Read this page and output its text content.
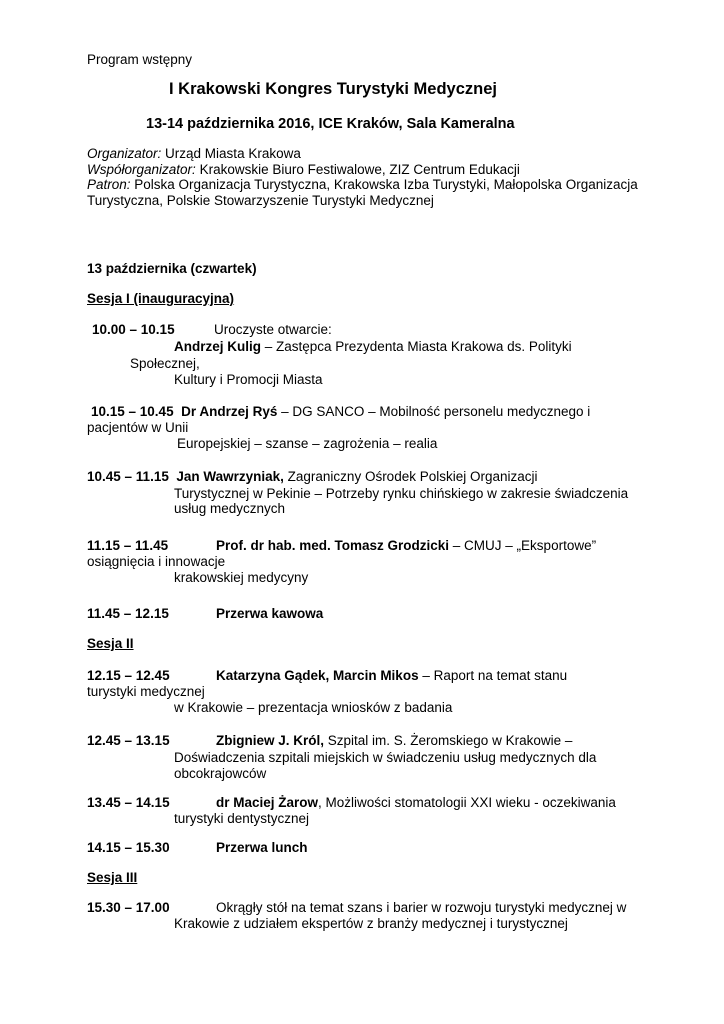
Program wstępny
I Krakowski Kongres Turystyki Medycznej
13-14 października 2016, ICE Kraków, Sala Kameralna
Organizator: Urząd Miasta Krakowa
Współorganizator: Krakowskie Biuro Festiwalowe, ZIZ Centrum Edukacji
Patron: Polska Organizacja Turystyczna, Krakowska Izba Turystyki, Małopolska Organizacja
Turystyczna, Polskie Stowarzyszenie Turystyki Medycznej
13 października (czwartek)
Sesja I (inauguracyjna)
10.00 – 10.15	Uroczyste otwarcie:
Andrzej Kulig – Zastępca Prezydenta Miasta Krakowa ds. Polityki
Społecznej,
Kultury i Promocji Miasta
10.15 – 10.45 Dr Andrzej Ryś – DG SANCO – Mobilność personelu medycznego i
pacjentów w Unii
Europejskiej – szanse – zagrożenia – realia
10.45 – 11.15 Jan Wawrzyniak, Zagraniczny Ośrodek Polskiej Organizacji
Turystycznej w Pekinie – Potrzeby rynku chińskiego w zakresie świadczenia
usług medycznych
11.15 – 11.45	Prof. dr hab. med. Tomasz Grodzicki – CMUJ – „Eksportowe”
osiągnięcia i innowacje
krakowskiej medycyny
11.45 – 12.15	Przerwa kawowa
Sesja II
12.15 – 12.45	Katarzyna Gądek, Marcin Mikos – Raport na temat stanu
turystyki medycznej
w Krakowie – prezentacja wniosków z badania
12.45 – 13.15	Zbigniew J. Król, Szpital im. S. Żeromskiego w Krakowie –
Doświadczenia szpitali miejskich w świadczeniu usług medycznych dla
obcokrajowców
13.45 – 14.15	dr Maciej Żarow, Możliwości stomatologii XXI wieku - oczekiwania
turystyki dentystycznej
14.15 – 15.30	Przerwa lunch
Sesja III
15.30 – 17.00	Okrągły stół na temat szans i barier w rozwoju turystyki medycznej w
Krakowie z udziałem ekspertów z branży medycznej i turystycznej
